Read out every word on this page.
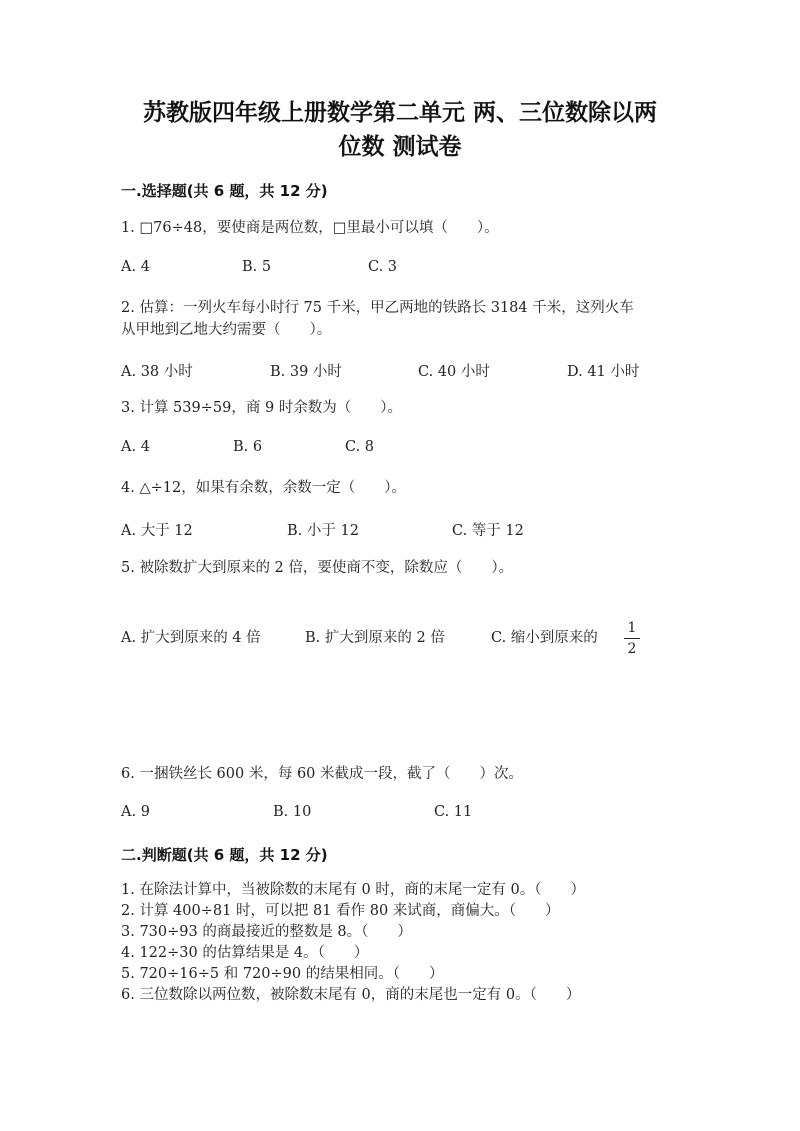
苏教版四年级上册数学第二单元 两、三位数除以两
位数 测试卷
一.选择题(共 6 题，共 12 分)
1. □76÷48，要使商是两位数，□里最小可以填（　　）。
A. 4	B. 5	C. 3
2. 估算：一列火车每小时行 75 千米，甲乙两地的铁路长 3184 千米，这列火车
从甲地到乙地大约需要（　　）。
A. 38 小时	B. 39 小时	C. 40 小时	D. 41 小时
3. 计算 539÷59，商 9 时余数为（　　）。
A. 4	B. 6	C. 8
4. △÷12，如果有余数，余数一定（　　）。
A. 大于 12	B. 小于 12	C. 等于 12
5. 被除数扩大到原来的 2 倍，要使商不变，除数应（　　）。
A. 扩大到原来的 4 倍	B. 扩大到原来的 2 倍	C. 缩小到原来的
1
2
6. 一捆铁丝长 600 米，每 60 米截成一段，截了（　　）次。
A. 9	B. 10	C. 11
二.判断题(共 6 题，共 12 分)
1. 在除法计算中，当被除数的末尾有 0 时，商的末尾一定有 0。（　　）
2. 计算 400÷81 时，可以把 81 看作 80 来试商，商偏大。（　　）
3. 730÷93 的商最接近的整数是 8。（　　）
4. 122÷30 的估算结果是 4。（　　）
5. 720÷16÷5 和 720÷90 的结果相同。（　　）
6. 三位数除以两位数，被除数末尾有 0，商的末尾也一定有 0。（　　）
